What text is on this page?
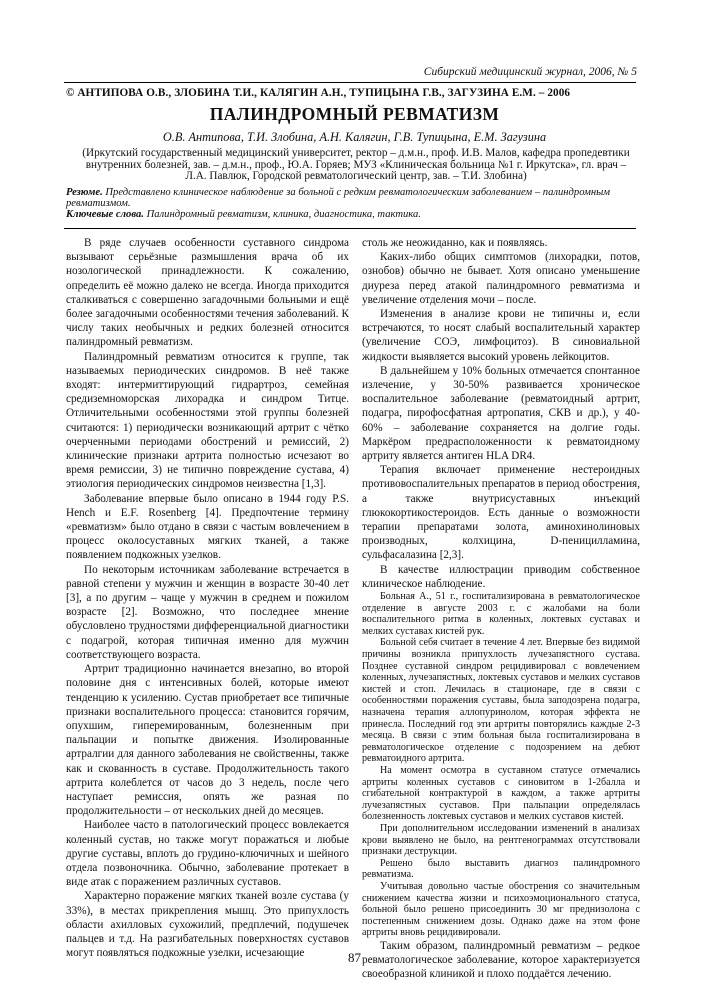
Сибирский медицинский журнал, 2006, № 5
© АНТИПОВА О.В., ЗЛОБИНА Т.И., КАЛЯГИН А.Н., ТУПИЦЫНА Г.В., ЗАГУЗИНА Е.М. – 2006
ПАЛИНДРОМНЫЙ РЕВМАТИЗМ
О.В. Антипова, Т.И. Злобина, А.Н. Калягин, Г.В. Тупицына, Е.М. Загузина
(Иркутский государственный медицинский университет, ректор – д.м.н., проф. И.В. Малов, кафедра пропедевтики
внутренних болезней, зав. – д.м.н., проф., Ю.А. Горяев; МУЗ «Клиническая больница №1 г. Иркутска», гл. врач –
Л.А. Павлюк, Городской ревматологический центр, зав. – Т.И. Злобина)
Резюме. Представлено клиническое наблюдение за больной с редким ревматологическим заболеванием – палиндромным ревматизмом.
Ключевые слова. Палиндромный ревматизм, клиника, диагностика, тактика.

В ряде случаев особенности суставного синдрома вызывают серьёзные размышления врача об их нозологической принадлежности. К сожалению, определить её можно далеко не всегда. Иногда приходится сталкиваться с совершенно загадочными больными и ещё более загадочными особенностями течения заболеваний. К числу таких необычных и редких болезней относится палиндромный ревматизм.

Палиндромный ревматизм относится к группе, так называемых периодических синдромов. В неё также входят: интермиттирующий гидрартроз, семейная средиземноморская лихорадка и синдром Титце. Отличительными особенностями этой группы болезней считаются: 1) периодически возникающий артрит с чётко очерченными периодами обострений и ремиссий, 2) клинические признаки артрита полностью исчезают во время ремиссии, 3) не типично повреждение сустава, 4) этиология периодических синдромов неизвестна [1,3].

Заболевание впервые было описано в 1944 году P.S. Hench и E.F. Rosenberg [4]. Предпочтение термину «ревматизм» было отдано в связи с частым вовлечением в процесс околосуставных мягких тканей, а также появлением подкожных узелков.

По некоторым источникам заболевание встречается в равной степени у мужчин и женщин в возрасте 30-40 лет [3], а по другим – чаще у мужчин в среднем и пожилом возрасте [2]. Возможно, что последнее мнение обусловлено трудностями дифференциальной диагностики с подагрой, которая типичная именно для мужчин соответствующего возраста.

Артрит традиционно начинается внезапно, во второй половине дня с интенсивных болей, которые имеют тенденцию к усилению. Сустав приобретает все типичные признаки воспалительного процесса: становится горячим, опухшим, гиперемированным, болезненным при пальпации и попытке движения. Изолированные артралгии для данного заболевания не свойственны, также как и скованность в суставе. Продолжительность такого артрита колеблется от часов до 3 недель, после чего наступает ремиссия, опять же разная по продолжительности – от нескольких дней до месяцев.

Наиболее часто в патологический процесс вовлекается коленный сустав, но также могут поражаться и любые другие суставы, вплоть до грудино-ключичных и шейного отдела позвоночника. Обычно, заболевание протекает в виде атак с поражением различных суставов.

Характерно поражение мягких тканей возле сустава (у 33%), в местах прикрепления мышц. Это припухлость области ахилловых сухожилий, предплечий, подушечек пальцев и т.д. На разгибательных поверхностях суставов могут появляться подкожные узелки, исчезающие

столь же неожиданно, как и появляясь.

Каких-либо общих симптомов (лихорадки, потов, ознобов) обычно не бывает. Хотя описано уменьшение диуреза перед атакой палиндромного ревматизма и увеличение отделения мочи – после.

Изменения в анализе крови не типичны и, если встречаются, то носят слабый воспалительный характер (увеличение СОЭ, лимфоцитоз). В синовиальной жидкости выявляется высокий уровень лейкоцитов.

В дальнейшем у 10% больных отмечается спонтанное излечение, у 30-50% развивается хроническое воспалительное заболевание (ревматоидный артрит, подагра, пирофосфатная артропатия, СКВ и др.), у 40-60% – заболевание сохраняется на долгие годы. Маркёром предрасположенности к ревматоидному артриту является антиген HLA DR4.

Терапия включает применение нестероидных противовоспалительных препаратов в период обострения, а также внутрисуставных инъекций глюкокортикостероидов. Есть данные о возможности терапии препаратами золота, аминохинолиновых производных, колхицина, D-пеницилламина, сульфасалазина [2,3].

В качестве иллюстрации приводим собственное клиническое наблюдение.

Больная А., 51 г., госпитализирована в ревматологическое отделение в августе 2003 г. с жалобами на боли воспалительного ритма в коленных, локтевых суставах и мелких суставах кистей рук.

Больной себя считает в течение 4 лет. Впервые без видимой причины возникла припухлость лучезапястного сустава. Позднее суставной синдром рецидивировал с вовлечением коленных, лучезапястных, локтевых суставов и мелких суставов кистей и стоп. Лечилась в стационаре, где в связи с особенностями поражения суставы, была заподозрена подагра, назначена терапия аллопуринолом, которая эффекта не принесла. Последний год эти артриты повторялись каждые 2-3 месяца. В связи с этим больная была госпитализирована в ревматологическое отделение с подозрением на дебют ревматоидного артрита.

На момент осмотра в суставном статусе отмечались артриты коленных суставов с синовитом в 1-2балла и сгибательной контрактурой в каждом, а также артриты лучезапястных суставов. При пальпации определялась болезненность локтевых суставов и мелких суставов кистей.

При дополнительном исследовании изменений в анализах крови выявлено не было, на рентгенограммах отсутствовали признаки деструкции.

Решено было выставить диагноз палиндромного ревматизма.

Учитывая довольно частые обострения со значительным снижением качества жизни и психоэмоционального статуса, больной было решено присоединить 30 мг преднизолона с постепенным снижением дозы. Однако даже на этом фоне артриты вновь рецидивировали.

Таким образом, палиндромный ревматизм – редкое ревматологическое заболевание, которое характеризуется своеобразной клиникой и плохо поддаётся лечению.

87
